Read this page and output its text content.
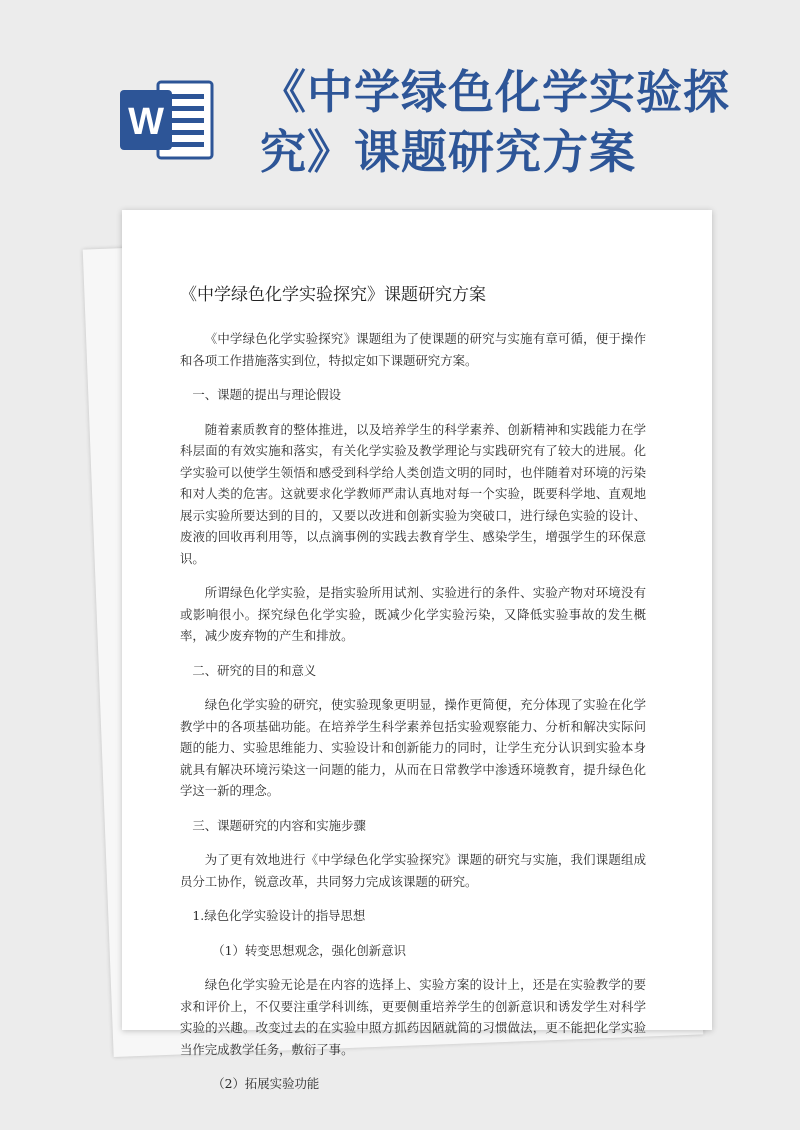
W
《中学绿色化学实验探究》课题研究方案
《中学绿色化学实验探究》课题研究方案

《中学绿色化学实验探究》课题组为了使课题的研究与实施有章可循，便于操作和各项工作措施落实到位，特拟定如下课题研究方案。

一、课题的提出与理论假设

随着素质教育的整体推进，以及培养学生的科学素养、创新精神和实践能力在学科层面的有效实施和落实，有关化学实验及教学理论与实践研究有了较大的进展。化学实验可以使学生领悟和感受到科学给人类创造文明的同时，也伴随着对环境的污染和对人类的危害。这就要求化学教师严肃认真地对每一个实验，既要科学地、直观地展示实验所要达到的目的，又要以改进和创新实验为突破口，进行绿色实验的设计、废液的回收再利用等，以点滴事例的实践去教育学生、感染学生，增强学生的环保意识。

所谓绿色化学实验，是指实验所用试剂、实验进行的条件、实验产物对环境没有或影响很小。探究绿色化学实验，既减少化学实验污染，又降低实验事故的发生概率，减少废弃物的产生和排放。

二、研究的目的和意义

绿色化学实验的研究，使实验现象更明显，操作更简便，充分体现了实验在化学教学中的各项基础功能。在培养学生科学素养包括实验观察能力、分析和解决实际问题的能力、实验思维能力、实验设计和创新能力的同时，让学生充分认识到实验本身就具有解决环境污染这一问题的能力，从而在日常教学中渗透环境教育，提升绿色化学这一新的理念。

三、课题研究的内容和实施步骤

为了更有效地进行《中学绿色化学实验探究》课题的研究与实施，我们课题组成员分工协作，锐意改革，共同努力完成该课题的研究。

1.绿色化学实验设计的指导思想

（1）转变思想观念，强化创新意识

绿色化学实验无论是在内容的选择上、实验方案的设计上，还是在实验教学的要求和评价上，不仅要注重学科训练，更要侧重培养学生的创新意识和诱发学生对科学实验的兴趣。改变过去的在实验中照方抓药因陋就简的习惯做法，更不能把化学实验当作完成教学任务，敷衍了事。

（2）拓展实验功能
